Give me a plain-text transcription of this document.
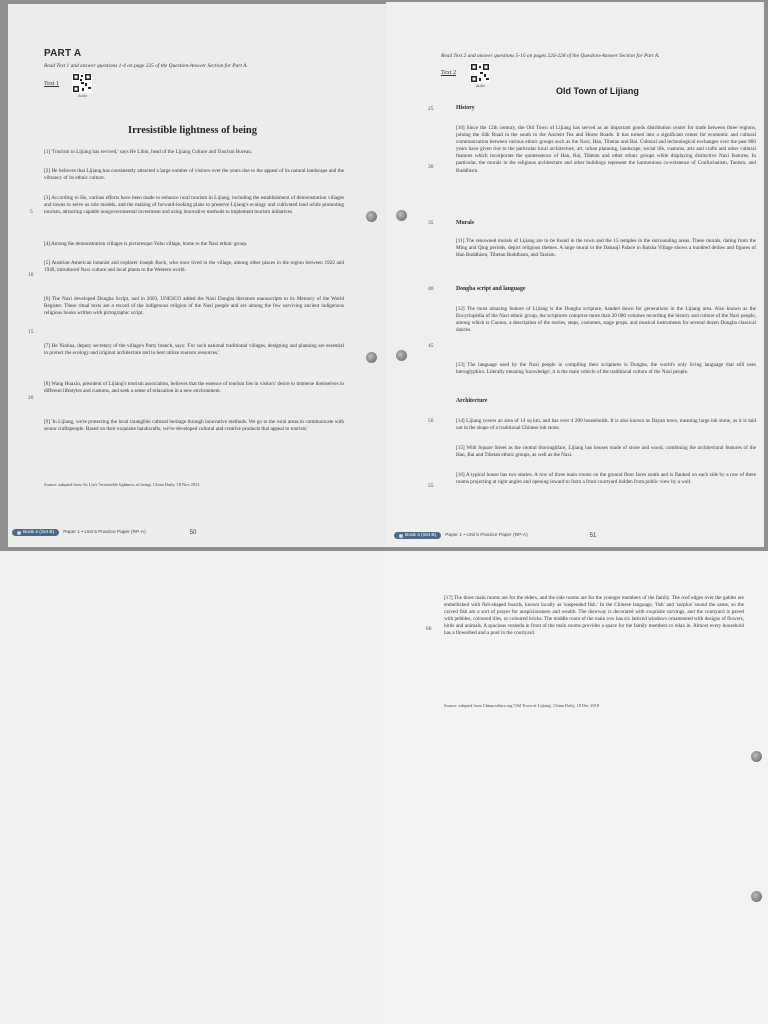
PART A
Read Text 1 and answer questions 1-4 on page 225 of the Question-Answer Section for Part A.
Text 1
Audio
Irresistible lightness of being
[1] 'Tourism in Lijiang has revived,' says He Libin, head of the Lijiang Culture and Tourism Bureau.
[2] He believes that Lijiang has consistently attracted a large number of visitors over the years due to the appeal of its natural landscape and the vibrancy of its ethnic culture.
[3] According to He, various efforts have been made to enhance rural tourism in Lijiang, including the establishment of demonstration villages and towns to serve as role models, and the making of forward-looking plans to preserve Lijiang's ecology and cultivated land while promoting tourism, attracting capable nongovernmental investment and using innovative methods to implement tourism initiatives.
[4] Among the demonstration villages is picturesque Yuhu village, home to the Naxi ethnic group.
[5] Austrian-American botanist and explorer Joseph Rock, who once lived in the village, among other places in the region between 1922 and 1949, introduced Naxi culture and local plants to the Western world.
[6] The Naxi developed Dongba Script, and in 2003, UNESCO added the Naxi Dongba literature manuscripts to its Memory of the World Register. These ritual texts are a record of the indigenous religion of the Naxi people and are among the few surviving ancient indigenous religious books written with pictographic script.
[7] He Xinhua, deputy secretary of the village's Party branch, says: 'For such national traditional villages, designing and planning are essential to protect the ecology and original architecture and to best utilize tourism resources.'
[8] Wang Huaxin, president of Lijiang's tourism association, believes that the essence of tourism lies in visitors' desire to immerse themselves in different lifestyles and customs, and seek a sense of relaxation in a new environment.
[9] 'In Lijiang, we're protecting the local intangible cultural heritage through innovative methods. We go to the rural areas to communicate with senior craftspeople. Based on their exquisite handicrafts, we've developed cultural and creative products that appeal to tourists.'
5
10
15
20
Source: adapted from Yu Lin's 'Irresistible lightness of being', China Daily, 18 Nov 2023
Book 4 (Set B) Paper 1 • Unit 5 Practice Paper (RP-A)	50
Read Text 2 and answer questions 5-16 on pages 226-228 of the Question-Answer Section for Part A.
Text 2
Audio	Old Town of Lijiang
25	History
[10] Since the 12th century, the Old Town of Lijiang has served as an important goods distribution center for trade between three regions, joining the Silk Road in the south to the Ancient Tea and Horse Roads. It has turned into a significant center for economic and cultural communication between various ethnic groups such as the Naxi, Han, Tibetan and Bai. Cultural and technological exchanges over the past 800 years have given rise to the particular local architecture, art, urban planning, landscape, social life, customs, arts and crafts and other cultural features which incorporate the quintessence of Han, Bai, Tibetan and other ethnic groups while displaying distinctive Naxi features. In particular, the murals in the religious architecture and other buildings represent the harmonious co-existence of Confucianism, Taoism, and Buddhism.
30
35	Murals
[11] The renowned murals of Lijiang are to be found in the town and the 15 temples in the surrounding areas. These murals, dating from the Ming and Qing periods, depict religious themes. A large mural in the Dabaoji Palace in Baisha Village shows a hundred deities and figures of Han Buddhism, Tibetan Buddhism, and Taoism.
40	Dongba script and language
[12] The most amazing feature of Lijiang is the Dongba scripture, handed down for generations in the Lijiang area. Also known as the Encyclopedia of the Naxi ethnic group, the scriptures comprise more than 20 000 volumes recording the history and culture of the Naxi people, among which is Cuomo, a description of the stories, steps, costumes, stage props, and musical instruments for several dozen Dongba classical dances.
45
[13] The language used by the Naxi people in compiling their scriptures is Dongba, the world's only living language that still uses hieroglyphics. Literally meaning 'knowledge', it is the main vehicle of the traditional culture of the Naxi people.
Architecture
50	[14] Lijiang covers an area of 14 sq km, and has over 4 200 households. It is also known as Dayan town, meaning large ink stone, as it is laid out in the shape of a traditional Chinese ink stone.
[15] With Square Street as the central thoroughfare, Lijiang has houses made of stone and wood, combining the architectural features of the Han, Bai and Tibetan ethnic groups, as well as the Naxi.
[16] A typical house has two stories. A row of three main rooms on the ground floor faces south and is flanked on each side by a row of three rooms projecting at right angles and opening inward to form a front courtyard hidden from public view by a wall.
55
Book 4 (Set B) Paper 1 • Unit 5 Practice Paper (RP-A)	51
[17] The three main rooms are for the elders, and the side rooms are for the younger members of the family. The roof edges over the gables are embellished with fish-shaped boards, known locally as 'suspended fish.' In the Chinese language, 'fish' and 'surplus' sound the same, so the carved fish are a sort of prayer for auspiciousness and wealth. The doorway is decorated with exquisite carvings, and the courtyard is paved with pebbles, coloured tiles, or coloured bricks. The middle room of the main row has six latticed windows ornamented with designs of flowers, birds and animals. A spacious veranda in front of the main rooms provides a space for the family members to relax in. Almost every household has a flowerbed and a pool in the courtyard.
60
Source: adapted from Chinaculture.org 'Old Town of Lijiang', China Daily, 18 Dec 2018
